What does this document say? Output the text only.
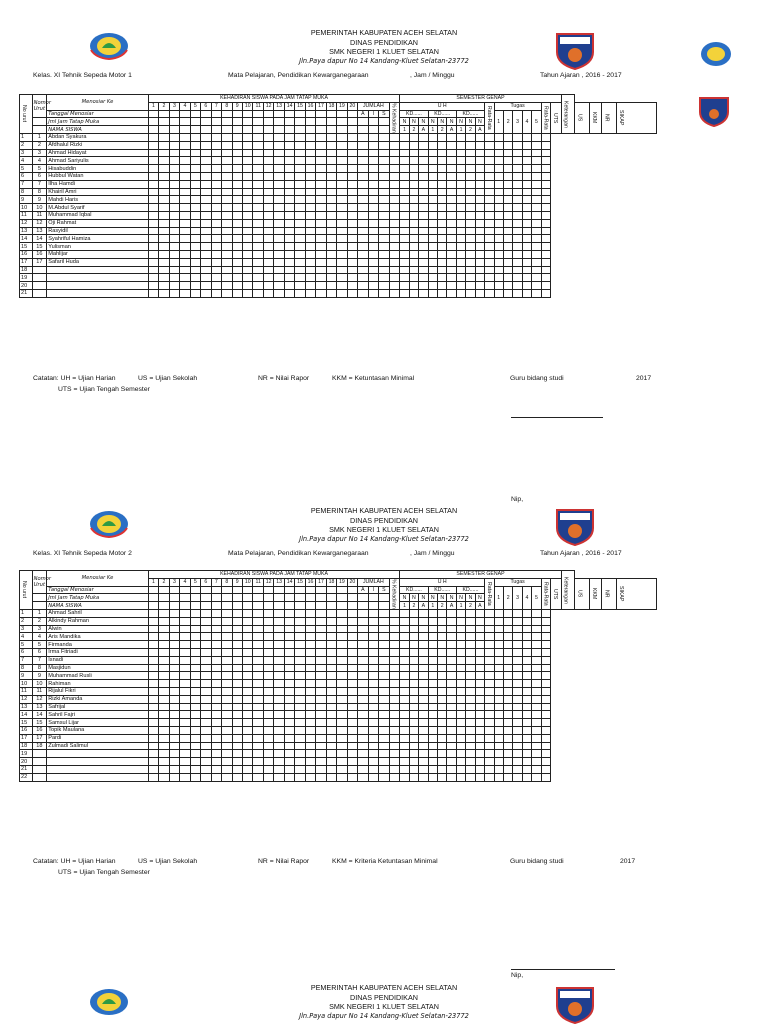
PEMERINTAH KABUPATEN ACEH SELATAN
DINAS PENDIDIKAN
SMK NEGERI 1 KLUET SELATAN
Jln.Paya dapur No 14 Kandang-Kluet Selatan-23772
Kelas. XI Tehnik Sepeda Motor 1	Mata Pelajaran, Pendidikan Kewarganegaraan	, Jam / Minggu	Tahun Ajaran , 2016 - 2017
No urut	Nomor Urut	Menosiar Ke	KEHADIRAN SISWA PADA JAM TATAP MUKA																								SEMESTER GENAP																	Keterangan				

			1	2	3	4	5	6	7	8	9	10	11	12	13	14	15	16	17	18	19	20	JUMLAH			% Kehadiran	U H									Rata-Rata	Tugas					Rata-Rata	UTS		US	KKM	NR	SIKAP

		Tanggal Menosiar																					A	I	S		KD......			KD......			KD......				1	2	3	4	5							
		Jml Jam Tatap Muka																									N	N	N	N	N	N	N	N	N													
		NAMA SISWA																									1	2	A	1	2	A	1	2	A													
1	1	Abdan Syakura																																														
2	2	Afdhalul Rizki																																														
3	3	Ahmad Hidayat																																														
4	4	Ahmad Sariyulis																																														
5	5	Hisabuddin																																														
6	6	Hubbul Watan																																														
7	7	Ilha Hamdi																																														
8	8	Khairil Amri																																														
9	9	Mahdi Haris																																														
10	10	M.Abdul Syarif																																														
11	11	Muhammad Iqbal																																														
12	12	Oji Rahmat																																														
13	13	Rasyidil																																														
14	14	Syahriful Hamiza																																														
15	15	Yulisman																																														
16	16	Mahlijar																																														
17	17	Safaril Huda																																														
18																																																
19																																																
20																																																
21																																																
Catatan: UH = Ujian Harian	US = Ujian Sekolah	NR = Nilai Rapor	KKM = Ketuntasan Minimal	Guru bidang studi	2017
UTS = Ujian Tengah Semester
Nip,
PEMERINTAH KABUPATEN ACEH SELATAN
DINAS PENDIDIKAN
SMK NEGERI 1 KLUET SELATAN
Jln.Paya dapur No 14 Kandang-Kluet Selatan-23772
Kelas. XI Tehnik Sepeda Motor 2	Mata Pelajaran, Pendidikan Kewarganegaraan	, Jam / Minggu	Tahun Ajaran , 2016 - 2017
No urut	Nomor Urut	Menosiar Ke	KEHADIRAN SISWA PADA JAM TATAP MUKA																								SEMESTER GENAP																	Keterangan				

			1	2	3	4	5	6	7	8	9	10	11	12	13	14	15	16	17	18	19	20	JUMLAH			% Kehadiran	U H									Rata-Rata	Tugas					Rata-Rata	UTS		US	KKM	NR	SIKAP

		Tanggal Menosiar																					A	I	S		KD......			KD......			KD......				1	2	3	4	5							
		Jml Jam Tatap Muka																									N	N	N	N	N	N	N	N	N													
		NAMA SISWA																									1	2	A	1	2	A	1	2	A													
1	1	Ahmad Sahril																																														
2	2	Alkindy Rahman																																														
3	3	Alwin																																														
4	4	Aris Mandika																																														
5	5	Firmanda																																														
6	6	Irma Fitriadi																																														
7	7	Isnadi																																														
8	8	Masjidun																																														
9	9	Muhammad Rusli																																														
10	10	Rahiman																																														
11	11	Rijalul Fikri																																														
12	12	Rizki Amanda																																														
13	13	Safrijal																																														
14	14	Sahril Fajri																																														
15	15	Samsul Lijar																																														
16	16	Topik Maulana																																														
17	17	Pardi																																														
18	18	Zulmadi Salimul																																														
19																																																
20																																																
21																																																
22																																																
Catatan: UH = Ujian Harian	US = Ujian Sekolah	NR = Nilai Rapor	KKM = Kriteria Ketuntasan Minimal	Guru bidang studi	2017
UTS = Ujian Tengah Semester
Nip,
PEMERINTAH KABUPATEN ACEH SELATAN
DINAS PENDIDIKAN
SMK NEGERI 1 KLUET SELATAN
Jln.Paya dapur No 14 Kandang-Kluet Selatan-23772
